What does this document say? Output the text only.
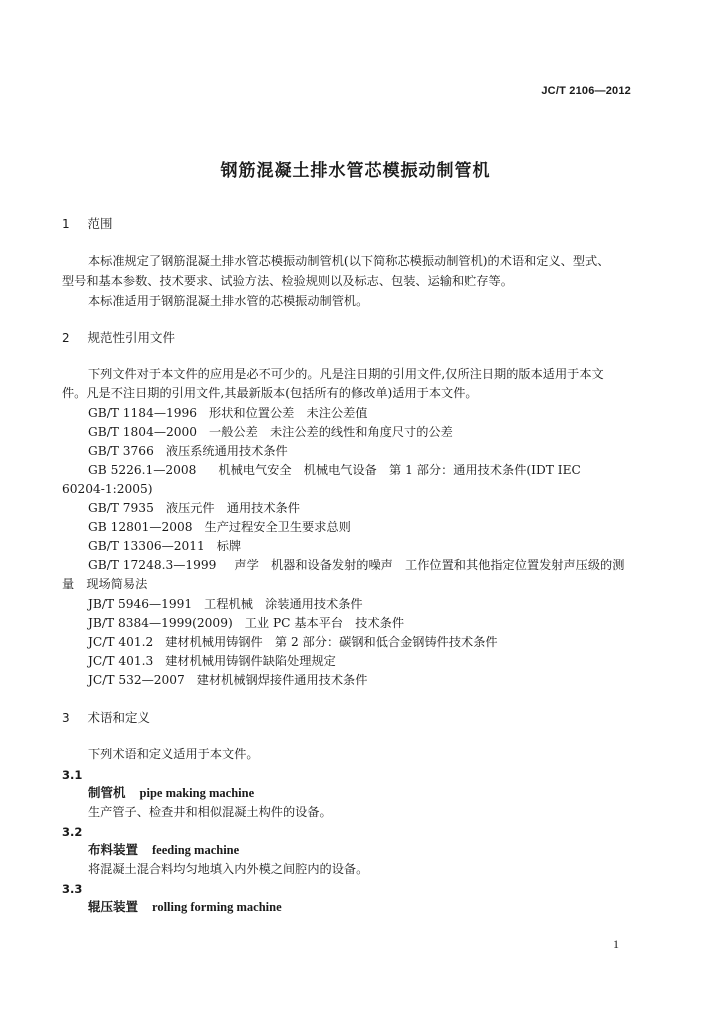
JC/T 2106—2012
钢筋混凝土排水管芯模振动制管机
1 范围
本标准规定了钢筋混凝土排水管芯模振动制管机(以下简称芯模振动制管机)的术语和定义、型式、
型号和基本参数、技术要求、试验方法、检验规则以及标志、包装、运输和贮存等。
本标准适用于钢筋混凝土排水管的芯模振动制管机。
2 规范性引用文件
下列文件对于本文件的应用是必不可少的。凡是注日期的引用文件,仅所注日期的版本适用于本文
件。凡是不注日期的引用文件,其最新版本(包括所有的修改单)适用于本文件。
GB/T 1184—1996 形状和位置公差　未注公差值
GB/T 1804—2000 一般公差　未注公差的线性和角度尺寸的公差
GB/T 3766 液压系统通用技术条件
GB 5226.1—2008 机械电气安全　机械电气设备　第 1 部分：通用技术条件(IDT IEC
60204-1:2005)
GB/T 7935 液压元件　通用技术条件
GB 12801—2008 生产过程安全卫生要求总则
GB/T 13306—2011 标牌
GB/T 17248.3—1999 声学　机器和设备发射的噪声　工作位置和其他指定位置发射声压级的测
量　现场简易法
JB/T 5946—1991 工程机械　涂装通用技术条件
JB/T 8384—1999(2009) 工业 PC 基本平台　技术条件
JC/T 401.2 建材机械用铸钢件　第 2 部分：碳钢和低合金钢铸件技术条件
JC/T 401.3 建材机械用铸钢件缺陷处理规定
JC/T 532—2007 建材机械钢焊接件通用技术条件
3 术语和定义
下列术语和定义适用于本文件。
3.1
制管机 pipe making machine
生产管子、检查井和相似混凝土构件的设备。
3.2
布料装置 feeding machine
将混凝土混合料均匀地填入内外模之间腔内的设备。
3.3
辊压装置 rolling forming machine
1
